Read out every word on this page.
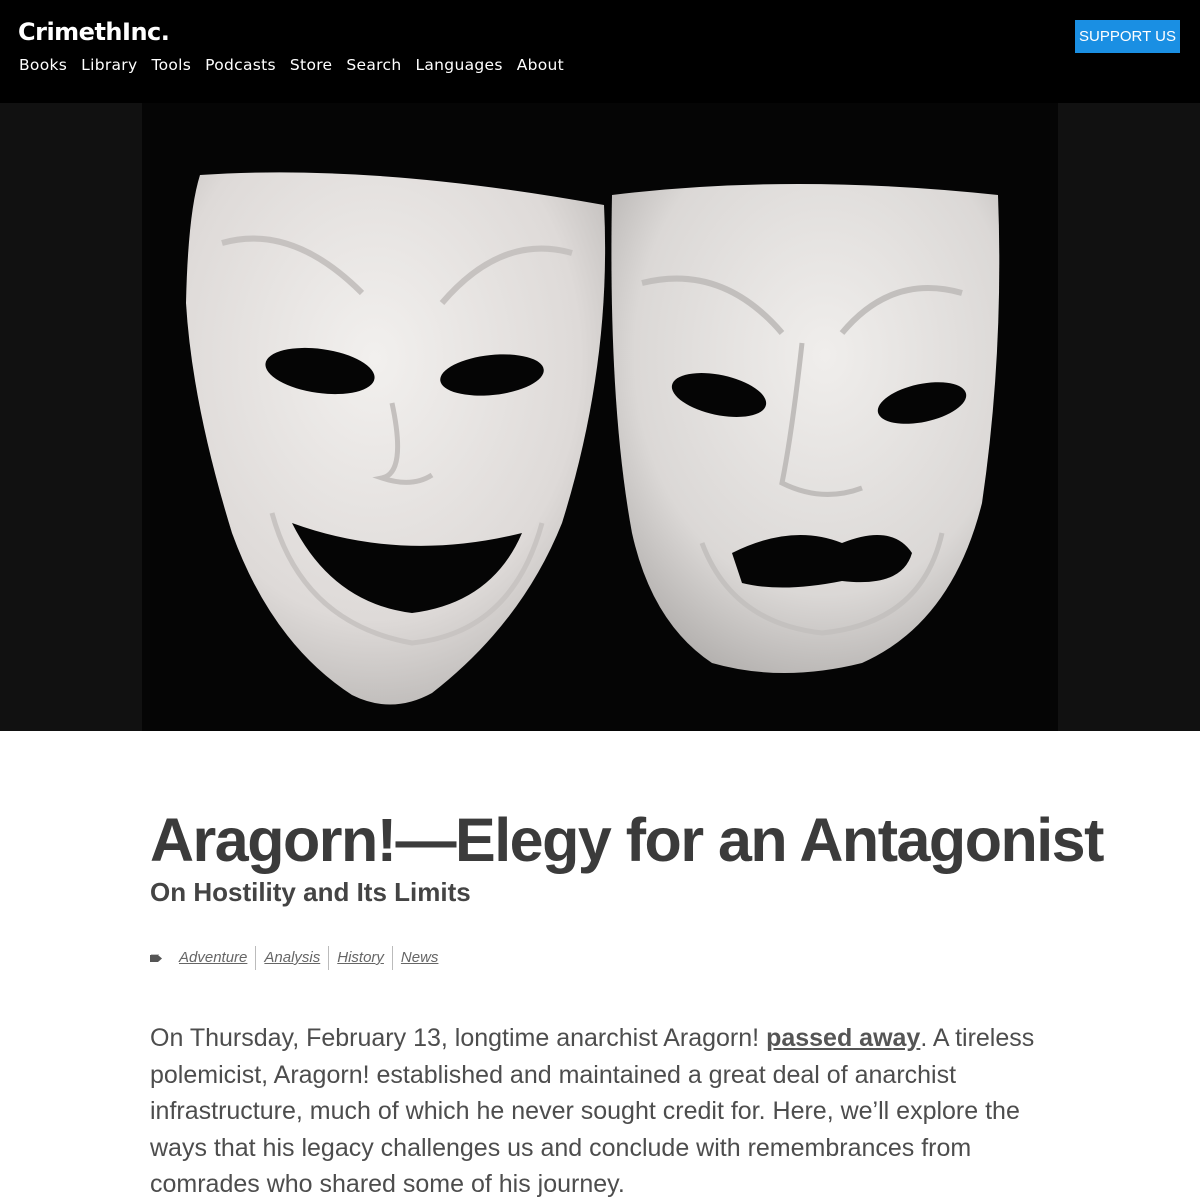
CrimethInc.
Books Library Tools Podcasts Store Search Languages About
SUPPORT US
Aragorn!—Elegy for an Antagonist
On Hostility and Its Limits
Adventure	Analysis	History	News

On Thursday, February 13, longtime anarchist Aragorn! passed away. A tireless polemicist, Aragorn! established and maintained a great deal of anarchist infrastructure, much of which he never sought credit for. Here, we’ll explore the ways that his legacy challenges us and conclude with remembrances from comrades who shared some of his journey.
